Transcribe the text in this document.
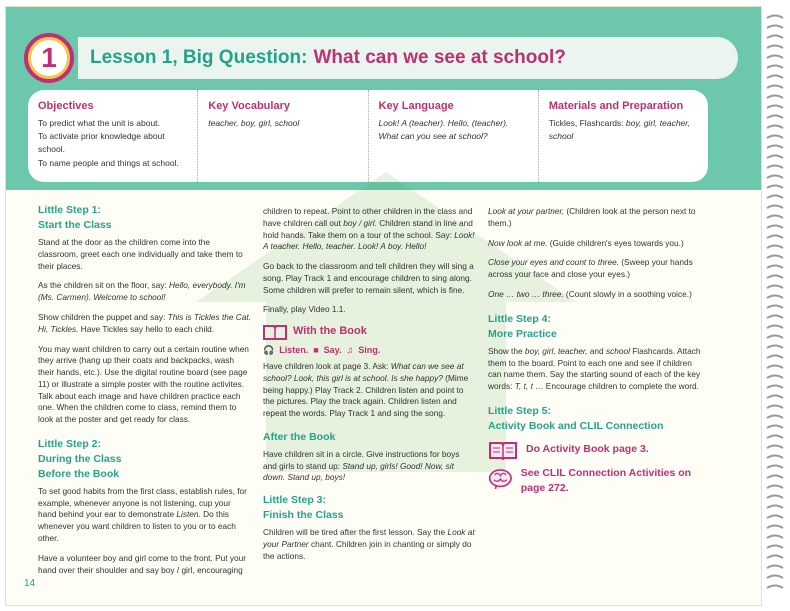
1 Lesson 1, Big Question: What can we see at school?
Objectives

To predict what the unit is about.

To activate prior knowledge about school.

To name people and things at school.

Key Vocabulary

teacher, boy, girl, school

Key Language

Look! A (teacher). Hello, (teacher). What can you see at school?

Materials and Preparation

Tickles, Flashcards: boy, girl, teacher, school

Little Step 1:
Start the Class

Stand at the door as the children come into the classroom, greet each one individually and take them to their places.

As the children sit on the floor, say: Hello, everybody. I'm (Ms. Carmen). Welcome to school!

Show children the puppet and say: This is Tickles the Cat. Hi, Tickles. Have Tickles say hello to each child.

You may want children to carry out a certain routine when they arrive (hang up their coats and backpacks, wash their hands, etc.). Use the digital routine board (see page 11) or illustrate a simple poster with the routine activites. Talk about each image and have children practice each one. When the children come to class, remind them to look at the poster and get ready for class.

Little Step 2:
During the Class
Before the Book

To set good habits from the first class, establish rules, for example, whenever anyone is not listening, cup your hand behind your ear to demonstrate Listen. Do this whenever you want children to listen to you or to each other.

Have a volunteer boy and girl come to the front. Put your hand over their shoulder and say boy / girl, encouraging

children to repeat. Point to other children in the class and have children call out boy / girl. Children stand in line and hold hands. Take them on a tour of the school. Say: Look! A teacher. Hello, teacher. Look! A boy. Hello!

Go back to the classroom and tell children they will sing a song. Play Track 1 and encourage children to sing along. Some children will prefer to remain silent, which is fine.

Finally, play Video 1.1.

With the Book
🎧 Listen. ■ Say. ♫ Sing.

Have children look at page 3. Ask: What can we see at school? Look, this girl is at school. Is she happy? (Mime being happy.) Play Track 2. Children listen and point to the pictures. Play the track again. Children listen and repeat the words. Play Track 1 and sing the song.

After the Book

Have children sit in a circle. Give instructions for boys and girls to stand up: Stand up, girls! Good! Now, sit down. Stand up, boys!

Little Step 3:
Finish the Class

Children will be tired after the first lesson. Say the Look at your Partner chant. Children join in chanting or simply do the actions.

Look at your partner, (Children look at the person next to them.)

Now look at me. (Guide children's eyes towards you.)

Close your eyes and count to three. (Sweep your hands across your face and close your eyes.)

One … two … three. (Count slowly in a soothing voice.)

Little Step 4:
More Practice

Show the boy, girl, teacher, and school Flashcards. Attach them to the board. Point to each one and see if children can name them. Say the starting sound of each of the key words: T, t, t … Encourage children to complete the word.

Little Step 5:
Activity Book and CLIL Connection
Do Activity Book page 3.
See CLIL Connection Activities on page 272.
14
